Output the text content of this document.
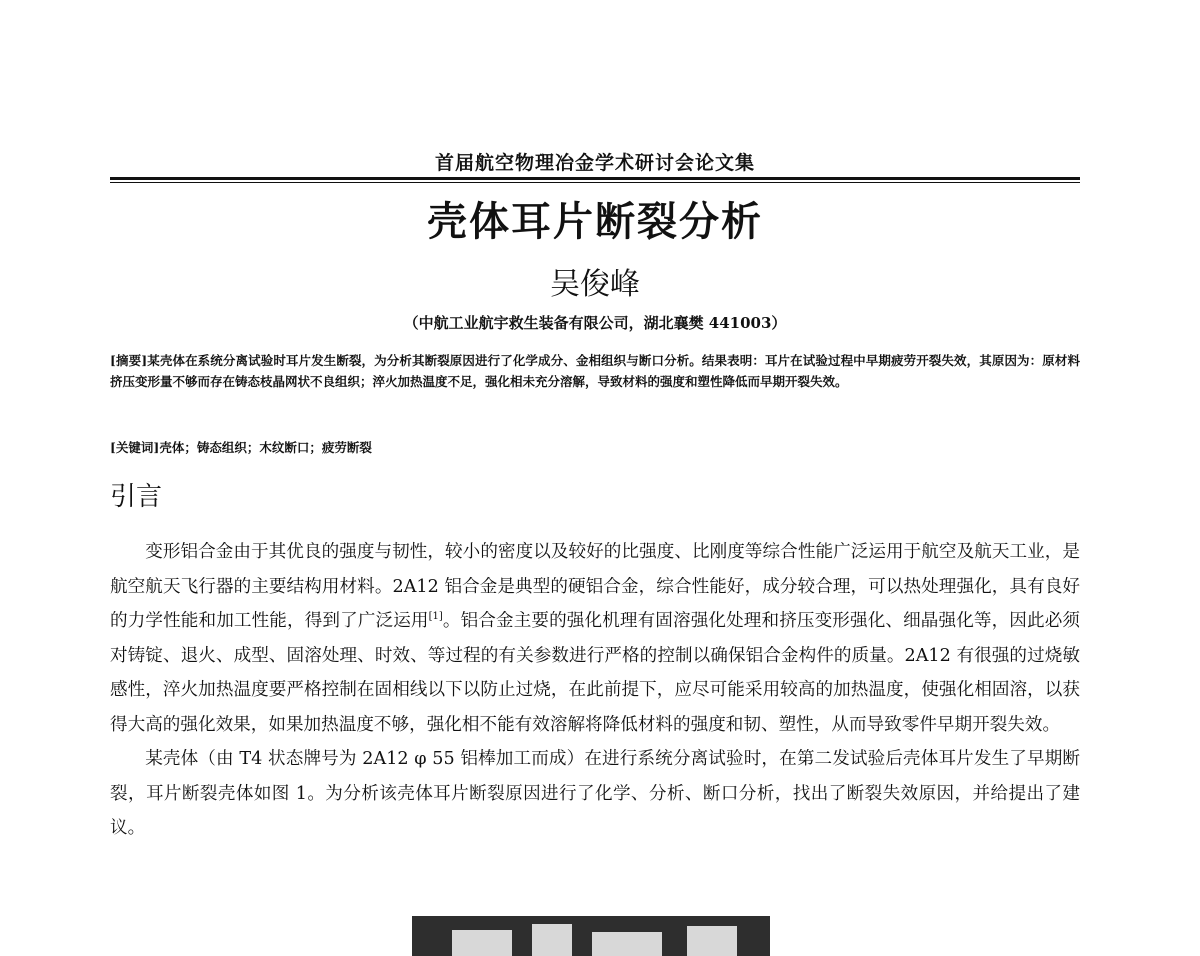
首届航空物理冶金学术研讨会论文集
壳体耳片断裂分析
吴俊峰
（中航工业航宇救生装备有限公司，湖北襄樊 441003）
[摘要]某壳体在系统分离试验时耳片发生断裂，为分析其断裂原因进行了化学成分、金相组织与断口分析。结果表明：耳片在试验过程中早期疲劳开裂失效，其原因为：原材料挤压变形量不够而存在铸态枝晶网状不良组织；淬火加热温度不足，强化相未充分溶解，导致材料的强度和塑性降低而早期开裂失效。
[关键词]壳体；铸态组织；木纹断口；疲劳断裂
引言

变形铝合金由于其优良的强度与韧性，较小的密度以及较好的比强度、比刚度等综合性能广泛运用于航空及航天工业，是航空航天飞行器的主要结构用材料。2A12 铝合金是典型的硬铝合金，综合性能好，成分较合理，可以热处理强化，具有良好的力学性能和加工性能，得到了广泛运用[1]。铝合金主要的强化机理有固溶强化处理和挤压变形强化、细晶强化等，因此必须对铸锭、退火、成型、固溶处理、时效、等过程的有关参数进行严格的控制以确保铝合金构件的质量。2A12 有很强的过烧敏感性，淬火加热温度要严格控制在固相线以下以防止过烧，在此前提下，应尽可能采用较高的加热温度，使强化相固溶，以获得大高的强化效果，如果加热温度不够，强化相不能有效溶解将降低材料的强度和韧、塑性，从而导致零件早期开裂失效。

某壳体（由 T4 状态牌号为 2A12 φ 55 铝棒加工而成）在进行系统分离试验时，在第二发试验后壳体耳片发生了早期断裂，耳片断裂壳体如图 1。为分析该壳体耳片断裂原因进行了化学、分析、断口分析，找出了断裂失效原因，并给提出了建议。
